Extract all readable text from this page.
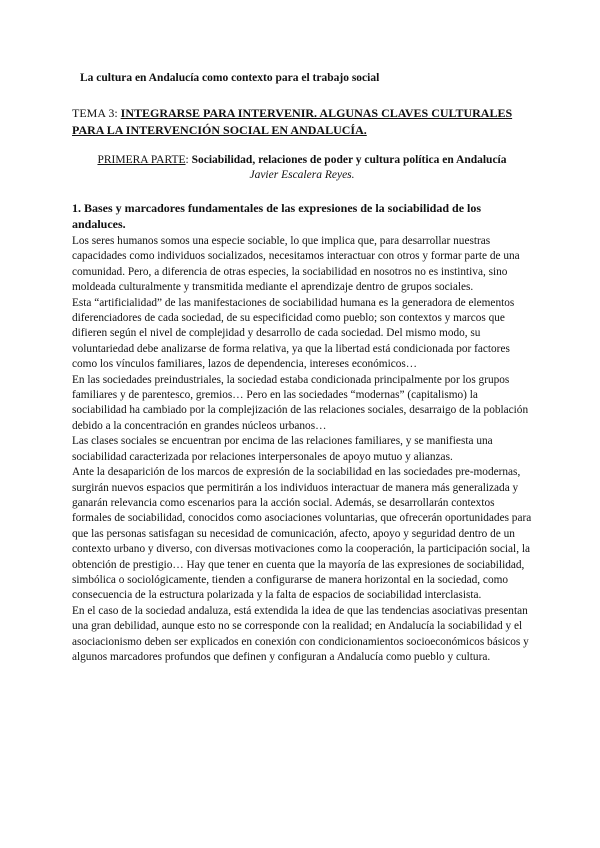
La cultura en Andalucía como contexto para el trabajo social
TEMA 3: INTEGRARSE PARA INTERVENIR. ALGUNAS CLAVES CULTURALES PARA LA INTERVENCIÓN SOCIAL EN ANDALUCÍA.
PRIMERA PARTE: Sociabilidad, relaciones de poder y cultura política en Andalucía
Javier Escalera Reyes.
1. Bases y marcadores fundamentales de las expresiones de la sociabilidad de los andaluces.

Los seres humanos somos una especie sociable, lo que implica que, para desarrollar nuestras capacidades como individuos socializados, necesitamos interactuar con otros y formar parte de una comunidad. Pero, a diferencia de otras especies, la sociabilidad en nosotros no es instintiva, sino moldeada culturalmente y transmitida mediante el aprendizaje dentro de grupos sociales.

Esta “artificialidad” de las manifestaciones de sociabilidad humana es la generadora de elementos diferenciadores de cada sociedad, de su especificidad como pueblo; son contextos y marcos que difieren según el nivel de complejidad y desarrollo de cada sociedad. Del mismo modo, su voluntariedad debe analizarse de forma relativa, ya que la libertad está condicionada por factores como los vínculos familiares, lazos de dependencia, intereses económicos…

En las sociedades preindustriales, la sociedad estaba condicionada principalmente por los grupos familiares y de parentesco, gremios… Pero en las sociedades “modernas” (capitalismo) la sociabilidad ha cambiado por la complejización de las relaciones sociales, desarraigo de la población debido a la concentración en grandes núcleos urbanos…

Las clases sociales se encuentran por encima de las relaciones familiares, y se manifiesta una sociabilidad caracterizada por relaciones interpersonales de apoyo mutuo y alianzas.

Ante la desaparición de los marcos de expresión de la sociabilidad en las sociedades pre-modernas, surgirán nuevos espacios que permitirán a los individuos interactuar de manera más generalizada y ganarán relevancia como escenarios para la acción social. Además, se desarrollarán contextos formales de sociabilidad, conocidos como asociaciones voluntarias, que ofrecerán oportunidades para que las personas satisfagan su necesidad de comunicación, afecto, apoyo y seguridad dentro de un contexto urbano y diverso, con diversas motivaciones como la cooperación, la participación social, la obtención de prestigio… Hay que tener en cuenta que la mayoría de las expresiones de sociabilidad, simbólica o sociológicamente, tienden a configurarse de manera horizontal en la sociedad, como consecuencia de la estructura polarizada y la falta de espacios de sociabilidad interclasista.

En el caso de la sociedad andaluza, está extendida la idea de que las tendencias asociativas presentan una gran debilidad, aunque esto no se corresponde con la realidad; en Andalucía la sociabilidad y el asociacionismo deben ser explicados en conexión con condicionamientos socioeconómicos básicos y algunos marcadores profundos que definen y configuran a Andalucía como pueblo y cultura.
